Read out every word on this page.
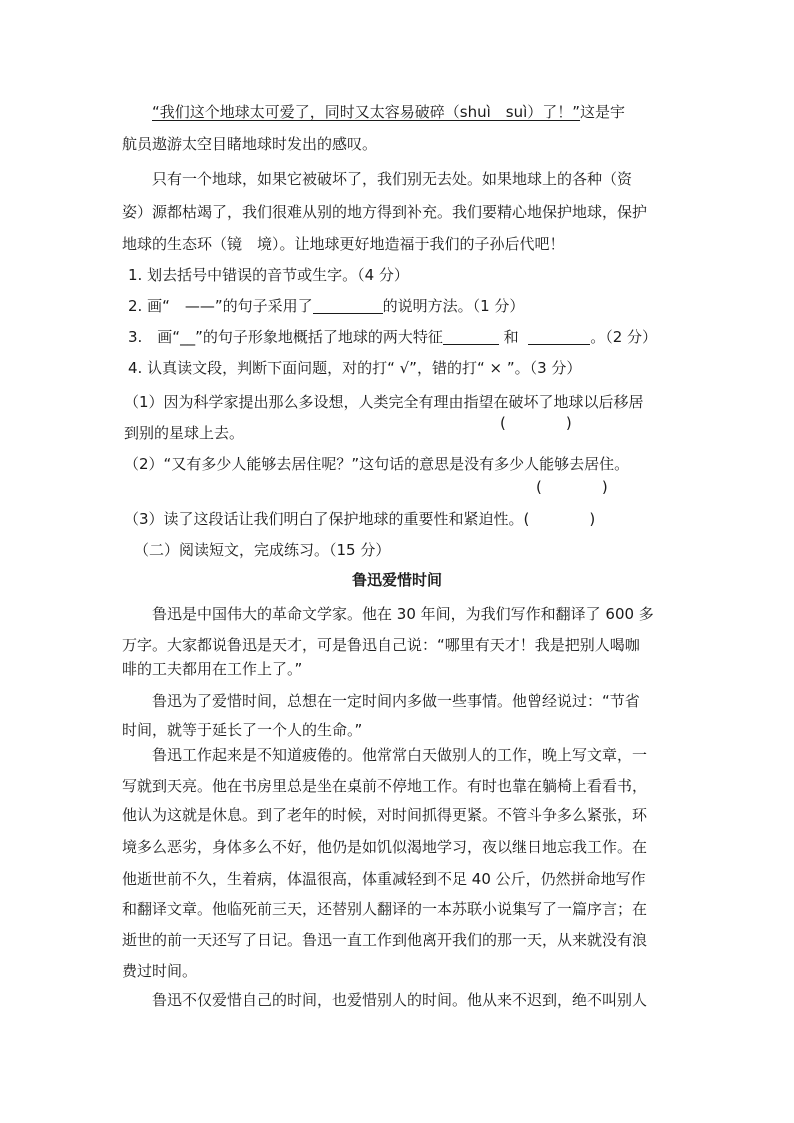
“我们这个地球太可爱了，同时又太容易破碎（shuì　suì）了！”这是宇
航员遨游太空目睹地球时发出的感叹。
只有一个地球，如果它被破坏了，我们别无去处。如果地球上的各种（资
姿）源都枯竭了，我们很难从别的地方得到补充。我们要精心地保护地球，保护
地球的生态环（镜　境）。让地球更好地造福于我们的子孙后代吧！
1. 划去括号中错误的音节或生字。（4 分）
2. 画“　——”的句子采用了	的说明方法。（1 分）
3.　画“__”的句子形象地概括了地球的两大特征	和	。（2 分）
4. 认真读文段，判断下面问题，对的打“ √”，错的打“ × ”。（3 分）
（1）因为科学家提出那么多设想，人类完全有理由指望在破坏了地球以后移居
到别的星球上去。
(　　　　)
（2）“又有多少人能够去居住呢？”这句话的意思是没有多少人能够去居住。
(　　　　)
（3）读了这段话让我们明白了保护地球的重要性和紧迫性。(　　　　)
（二）阅读短文，完成练习。（15 分）
鲁迅爱惜时间
鲁迅是中国伟大的革命文学家。他在 30 年间，为我们写作和翻译了 600 多
万字。大家都说鲁迅是天才，可是鲁迅自己说：“哪里有天才！我是把别人喝咖
啡的工夫都用在工作上了。”
鲁迅为了爱惜时间，总想在一定时间内多做一些事情。他曾经说过：“节省
时间，就等于延长了一个人的生命。”
鲁迅工作起来是不知道疲倦的。他常常白天做别人的工作，晚上写文章，一
写就到天亮。他在书房里总是坐在桌前不停地工作。有时也靠在躺椅上看看书，
他认为这就是休息。到了老年的时候，对时间抓得更紧。不管斗争多么紧张，环
境多么恶劣，身体多么不好，他仍是如饥似渴地学习，夜以继日地忘我工作。在
他逝世前不久，生着病，体温很高，体重减轻到不足 40 公斤，仍然拼命地写作
和翻译文章。他临死前三天，还替别人翻译的一本苏联小说集写了一篇序言；在
逝世的前一天还写了日记。鲁迅一直工作到他离开我们的那一天，从来就没有浪
费过时间。
鲁迅不仅爱惜自己的时间，也爱惜别人的时间。他从来不迟到，绝不叫别人
